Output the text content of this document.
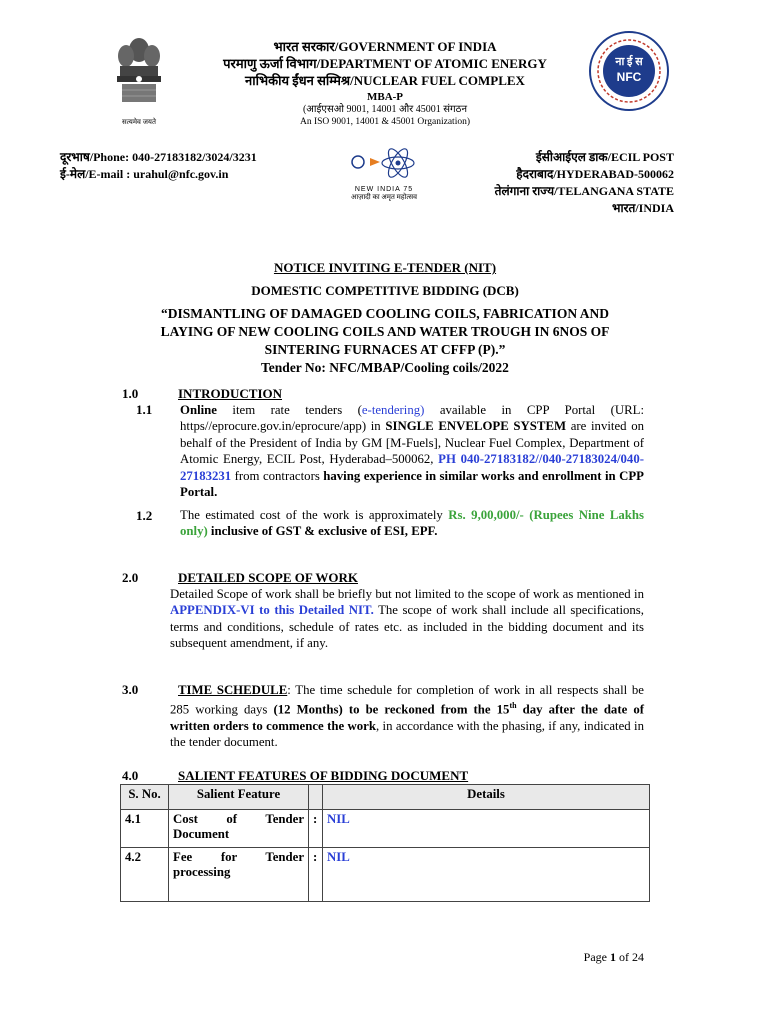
सत्यमेव जयते
भारत सरकार/GOVERNMENT OF INDIA
परमाणु ऊर्जा विभाग/DEPARTMENT OF ATOMIC ENERGY
नाभिकीय ईंधन सम्मिश्र/NUCLEAR FUEL COMPLEX
MBA-P
(आईएसओ 9001, 14001 और 45001 संगठन
An ISO 9001, 14001 & 45001 Organization)
ना ई स
NFC
दूरभाष/Phone: 040-27183182/3024/3231
ई-मेल/E-mail : urahul@nfc.gov.in
NEW INDIA 75
आज़ादी का अमृत महोत्सव
ईसीआईएल डाक/ECIL POST
हैदराबाद/HYDERABAD-500062
तेलंगाना राज्य/TELANGANA STATE
भारत/INDIA
NOTICE INVITING E-TENDER (NIT)
DOMESTIC COMPETITIVE BIDDING (DCB)
“DISMANTLING OF DAMAGED COOLING COILS, FABRICATION AND
LAYING OF NEW COOLING COILS AND WATER TROUGH IN 6NOS OF
SINTERING FURNACES AT CFFP (P).”
Tender No: NFC/MBAP/Cooling coils/2022
1.0	INTRODUCTION
1.1 Online item rate tenders (e-tendering) available in CPP Portal (URL: https//eprocure.gov.in/eprocure/app) in SINGLE ENVELOPE SYSTEM are invited on behalf of the President of India by GM [M-Fuels], Nuclear Fuel Complex, Department of Atomic Energy, ECIL Post, Hyderabad–500062, PH 040-27183182//040-27183024/040-27183231 from contractors having experience in similar works and enrollment in CPP Portal.
1.2 The estimated cost of the work is approximately Rs. 9,00,000/- (Rupees Nine Lakhs only) inclusive of GST & exclusive of ESI, EPF.
2.0	DETAILED SCOPE OF WORK
Detailed Scope of work shall be briefly but not limited to the scope of work as mentioned in APPENDIX-VI to this Detailed NIT. The scope of work shall include all specifications, terms and conditions, schedule of rates etc. as included in the bidding document and its subsequent amendment, if any.
3.0	TIME SCHEDULE: The time schedule for completion of work in all respects shall be 285 working days (12 Months) to be reckoned from the 15th day after the date of written orders to commence the work, in accordance with the phasing, if any, indicated in the tender document.
4.0	SALIENT FEATURES OF BIDDING DOCUMENT
S. No.	Salient Feature		Details
4.1	Cost of Tender Document	:	NIL
4.2	Fee for Tender processing	:	NIL
Page 1 of 24
